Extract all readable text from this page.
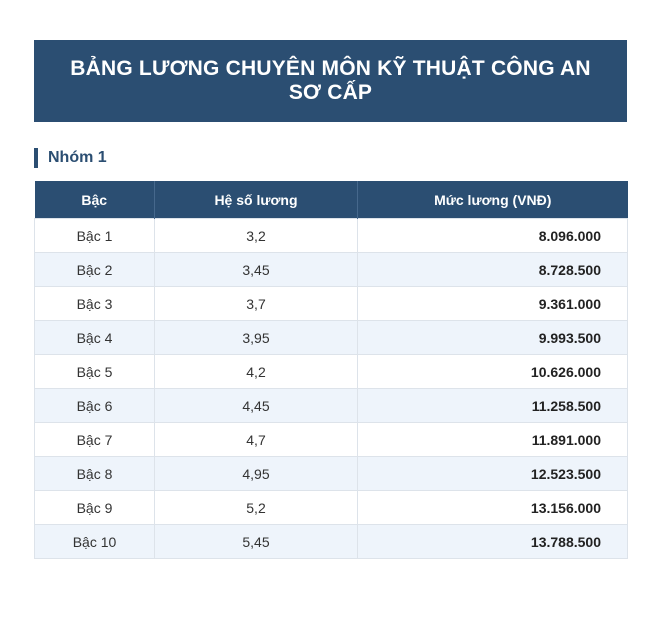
BẢNG LƯƠNG CHUYÊN MÔN KỸ THUẬT CÔNG AN SƠ CẤP
Nhóm 1
Bậc	Hệ số lương	Mức lương (VNĐ)
Bậc 1	3,2	8.096.000
Bậc 2	3,45	8.728.500
Bậc 3	3,7	9.361.000
Bậc 4	3,95	9.993.500
Bậc 5	4,2	10.626.000
Bậc 6	4,45	11.258.500
Bậc 7	4,7	11.891.000
Bậc 8	4,95	12.523.500
Bậc 9	5,2	13.156.000
Bậc 10	5,45	13.788.500
